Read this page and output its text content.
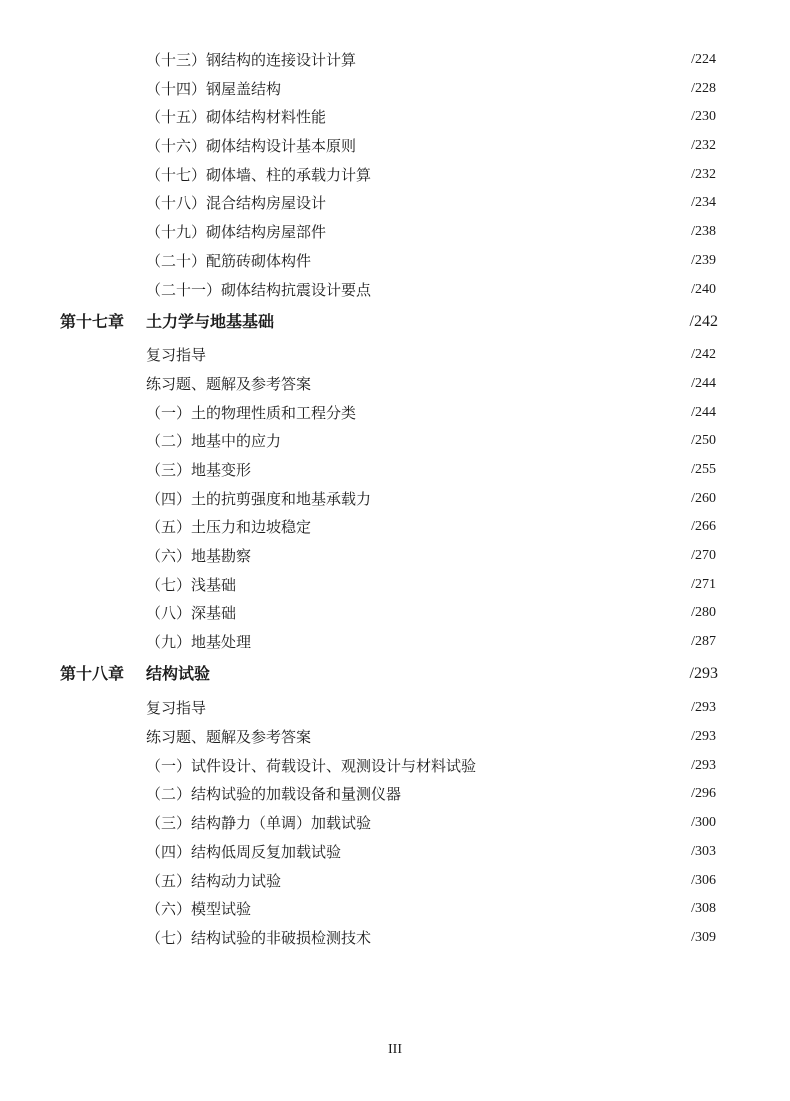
（十三）钢结构的连接设计计算	/224
（十四）钢屋盖结构	/228
（十五）砌体结构材料性能	/230
（十六）砌体结构设计基本原则	/232
（十七）砌体墙、柱的承载力计算	/232
（十八）混合结构房屋设计	/234
（十九）砌体结构房屋部件	/238
（二十）配筋砖砌体构件	/239
（二十一）砌体结构抗震设计要点	/240
第十七章 土力学与地基基础	/242
复习指导	/242
练习题、题解及参考答案	/244
（一）土的物理性质和工程分类	/244
（二）地基中的应力	/250
（三）地基变形	/255
（四）土的抗剪强度和地基承载力	/260
（五）土压力和边坡稳定	/266
（六）地基勘察	/270
（七）浅基础	/271
（八）深基础	/280
（九）地基处理	/287
第十八章 结构试验	/293
复习指导	/293
练习题、题解及参考答案	/293
（一）试件设计、荷载设计、观测设计与材料试验	/293
（二）结构试验的加载设备和量测仪器	/296
（三）结构静力（单调）加载试验	/300
（四）结构低周反复加载试验	/303
（五）结构动力试验	/306
（六）模型试验	/308
（七）结构试验的非破损检测技术	/309
III
